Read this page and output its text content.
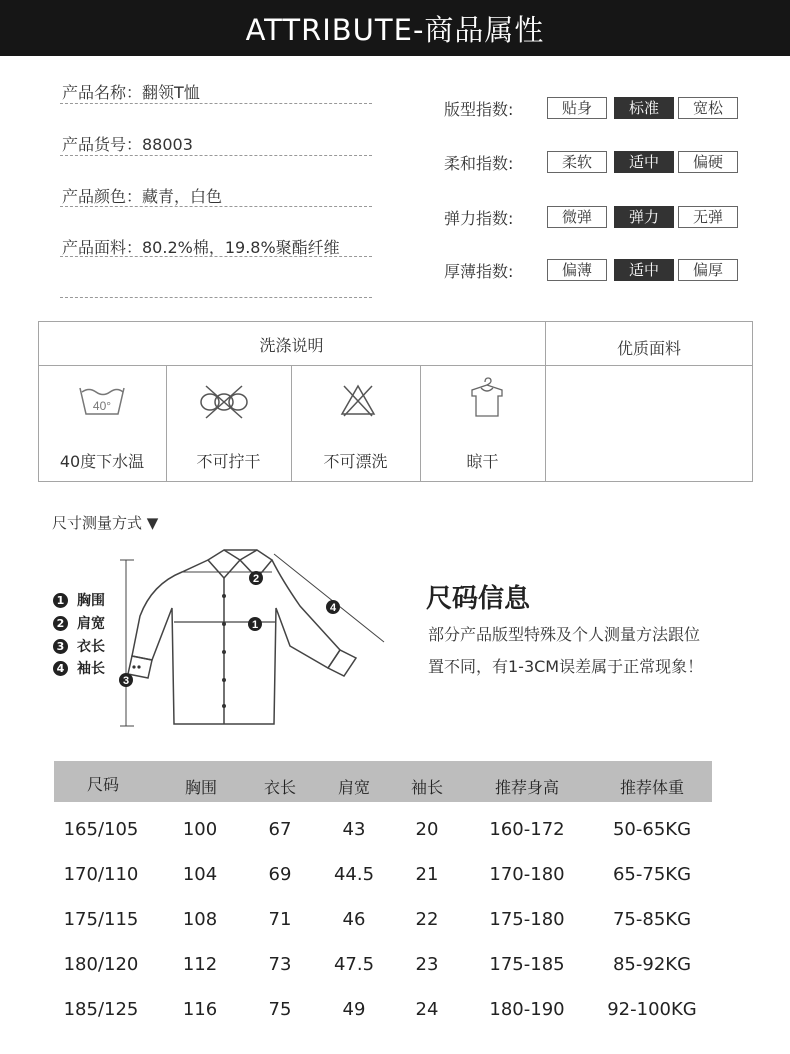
ATTRIBUTE-商品属性
产品名称：翻领T恤
产品货号：88003
产品颜色：藏青，白色
产品面料：80.2%棉，19.8%聚酯纤维
版型指数:	贴身	标准	宽松
柔和指数:	柔软	适中	偏硬
弹力指数:	微弹	弹力	无弹
厚薄指数:	偏薄	适中	偏厚
洗涤说明	优质面料
40°
40度下水温	不可拧干	不可漂洗	晾干
尺寸测量方式 ▼
1 胸围
2 肩宽
3 衣长
4 袖长
2
1
4
3
尺码信息
部分产品版型特殊及个人测量方法跟位
置不同，有1-3CM误差属于正常现象！
尺码	胸围	衣长	肩宽	袖长	推荐身高	推荐体重
165/105	100	67	43	20	160-172	50-65KG
170/110	104	69	44.5	21	170-180	65-75KG
175/115	108	71	46	22	175-180	75-85KG
180/120	112	73	47.5	23	175-185	85-92KG
185/125	116	75	49	24	180-190	92-100KG
